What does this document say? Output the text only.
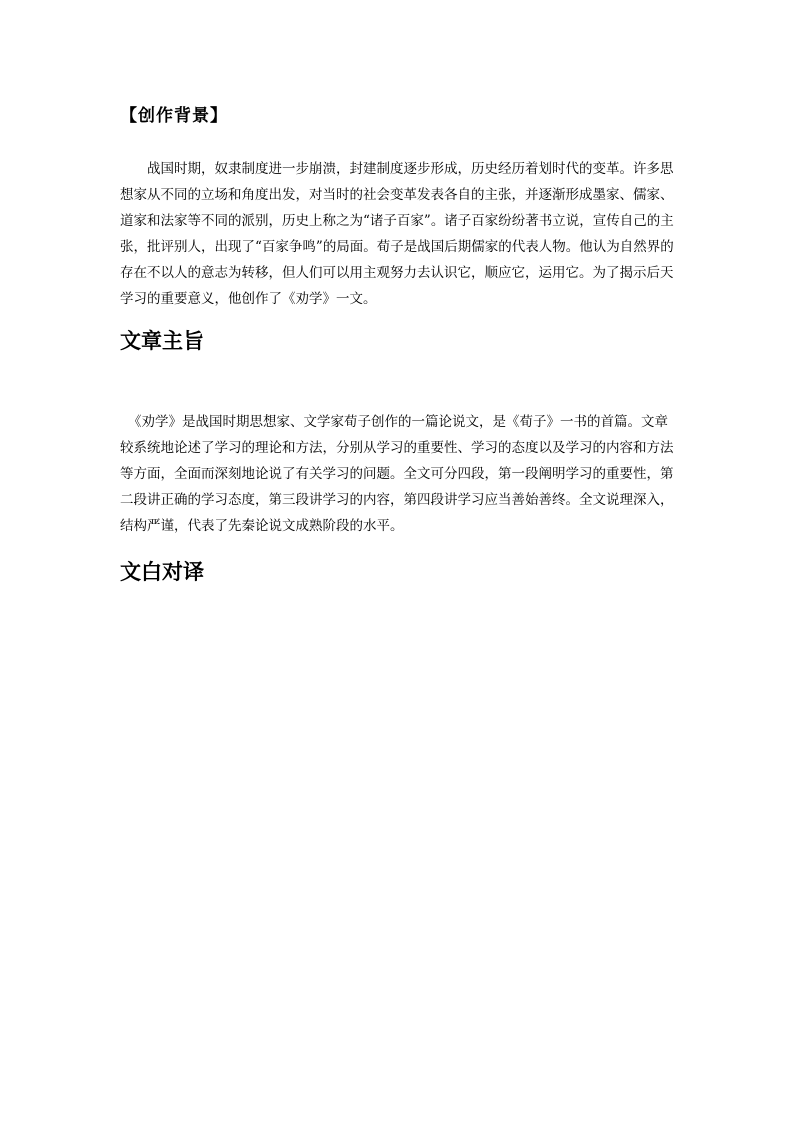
【创作背景】
战国时期，奴隶制度进一步崩溃，封建制度逐步形成，历史经历着划时代的变革。许多思想家从不同的立场和角度出发，对当时的社会变革发表各自的主张，并逐渐形成墨家、儒家、道家和法家等不同的派别，历史上称之为“诸子百家”。诸子百家纷纷著书立说，宣传自己的主张，批评别人，出现了“百家争鸣”的局面。荀子是战国后期儒家的代表人物。他认为自然界的存在不以人的意志为转移，但人们可以用主观努力去认识它，顺应它，运用它。为了揭示后天学习的重要意义，他创作了《劝学》一文。
文章主旨
《劝学》是战国时期思想家、文学家荀子创作的一篇论说文，是《荀子》一书的首篇。文章较系统地论述了学习的理论和方法，分别从学习的重要性、学习的态度以及学习的内容和方法等方面，全面而深刻地论说了有关学习的问题。全文可分四段，第一段阐明学习的重要性，第二段讲正确的学习态度，第三段讲学习的内容，第四段讲学习应当善始善终。全文说理深入，结构严谨，代表了先秦论说文成熟阶段的水平。
文白对译
